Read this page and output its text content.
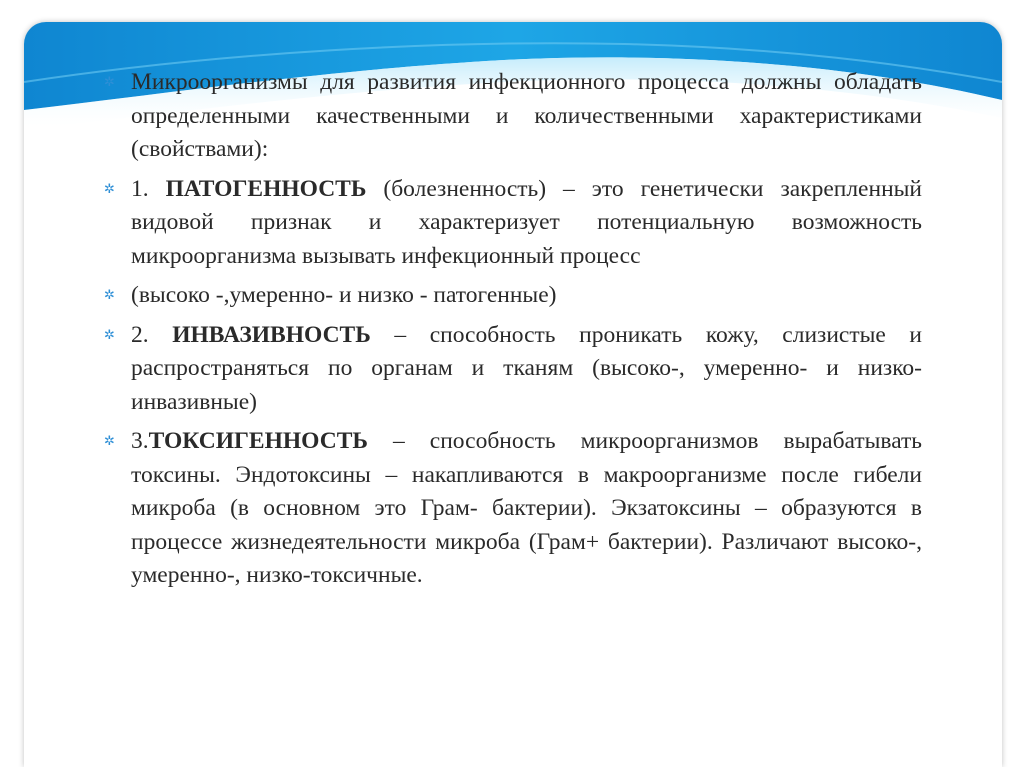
✲ Микроорганизмы для развития инфекционного процесса должны обладать определенными качественными и количественными характеристиками (свойствами):
✲ 1. ПАТОГЕННОСТЬ (болезненность) – это генетически закрепленный видовой признак и характеризует потенциальную возможность микроорганизма вызывать инфекционный процесс
✲ (высоко -,умеренно- и низко - патогенные)
✲ 2. ИНВАЗИВНОСТЬ – способность проникать кожу, слизистые и распространяться по органам и тканям (высоко-, умеренно- и низко-инвазивные)
✲ 3.ТОКСИГЕННОСТЬ – способность микроорганизмов вырабатывать токсины. Эндотоксины – накапливаются в макроорганизме после гибели микроба (в основном это Грам- бактерии). Экзатоксины – образуются в процессе жизнедеятельности микроба (Грам+ бактерии). Различают высоко-, умеренно-, низко-токсичные.
